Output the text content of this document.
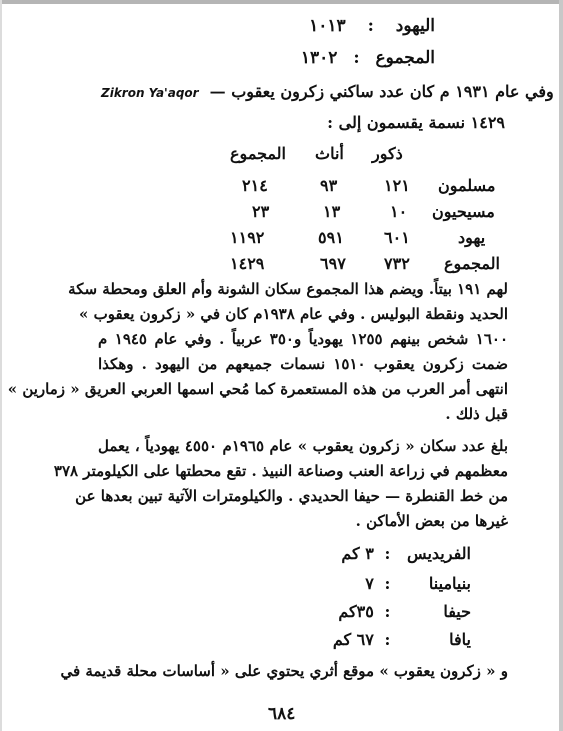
اليهود : ١٠١٣
المجموع : ١٣٠٢
Zikron Ya'aqor وفي عام ١٩٣١ م كان عدد ساكني زكرون يعقوب —
١٤٢٩ نسمة يقسمون إلى :
ذكور
أناث
المجموع
مسلمون
١٢١
٩٣
٢١٤
مسيحيون
١٠
١٣
٢٣
يهود
٦٠١
٥٩١
١١٩٢
المجموع
٧٣٢
٦٩٧
١٤٢٩
لهم ١٩١ بيتاً. ويضم هذا المجموع سكان الشونة وأم العلق ومحطة سكة
الحديد ونقطة البوليس . وفي عام ١٩٣٨م كان في « زكرون يعقوب »
١٦٠٠ شخص بينهم ١٢٥٥ يهودياً و٣٥٠ عربياً . وفي عام ١٩٤٥ م
ضمت زكرون يعقوب ١٥١٠ نسمات جميعهم من اليهود . وهكذا
انتهى أمر العرب من هذه المستعمرة كما مُحي اسمها العربي العريق « زمارين »
قبل ذلك .
بلغ عدد سكان « زكرون يعقوب » عام ١٩٦٥م ٤٥٥٠ يهودياً ، يعمل
معظمهم في زراعة العنب وصناعة النبيذ . تقع محطتها على الكيلومتر ٣٧٨
من خط القنطرة — حيفا الحديدي . والكيلومترات الآتية تبين بعدها عن
غيرها من بعض الأماكن .
الفريديس : ٣ كم
بنيامينا : ٧
حيفا : ٣٥كم
يافا : ٦٧ كم
و « زكرون يعقوب » موقع أثري يحتوي على « أساسات محلة قديمة في
٦٨٤
